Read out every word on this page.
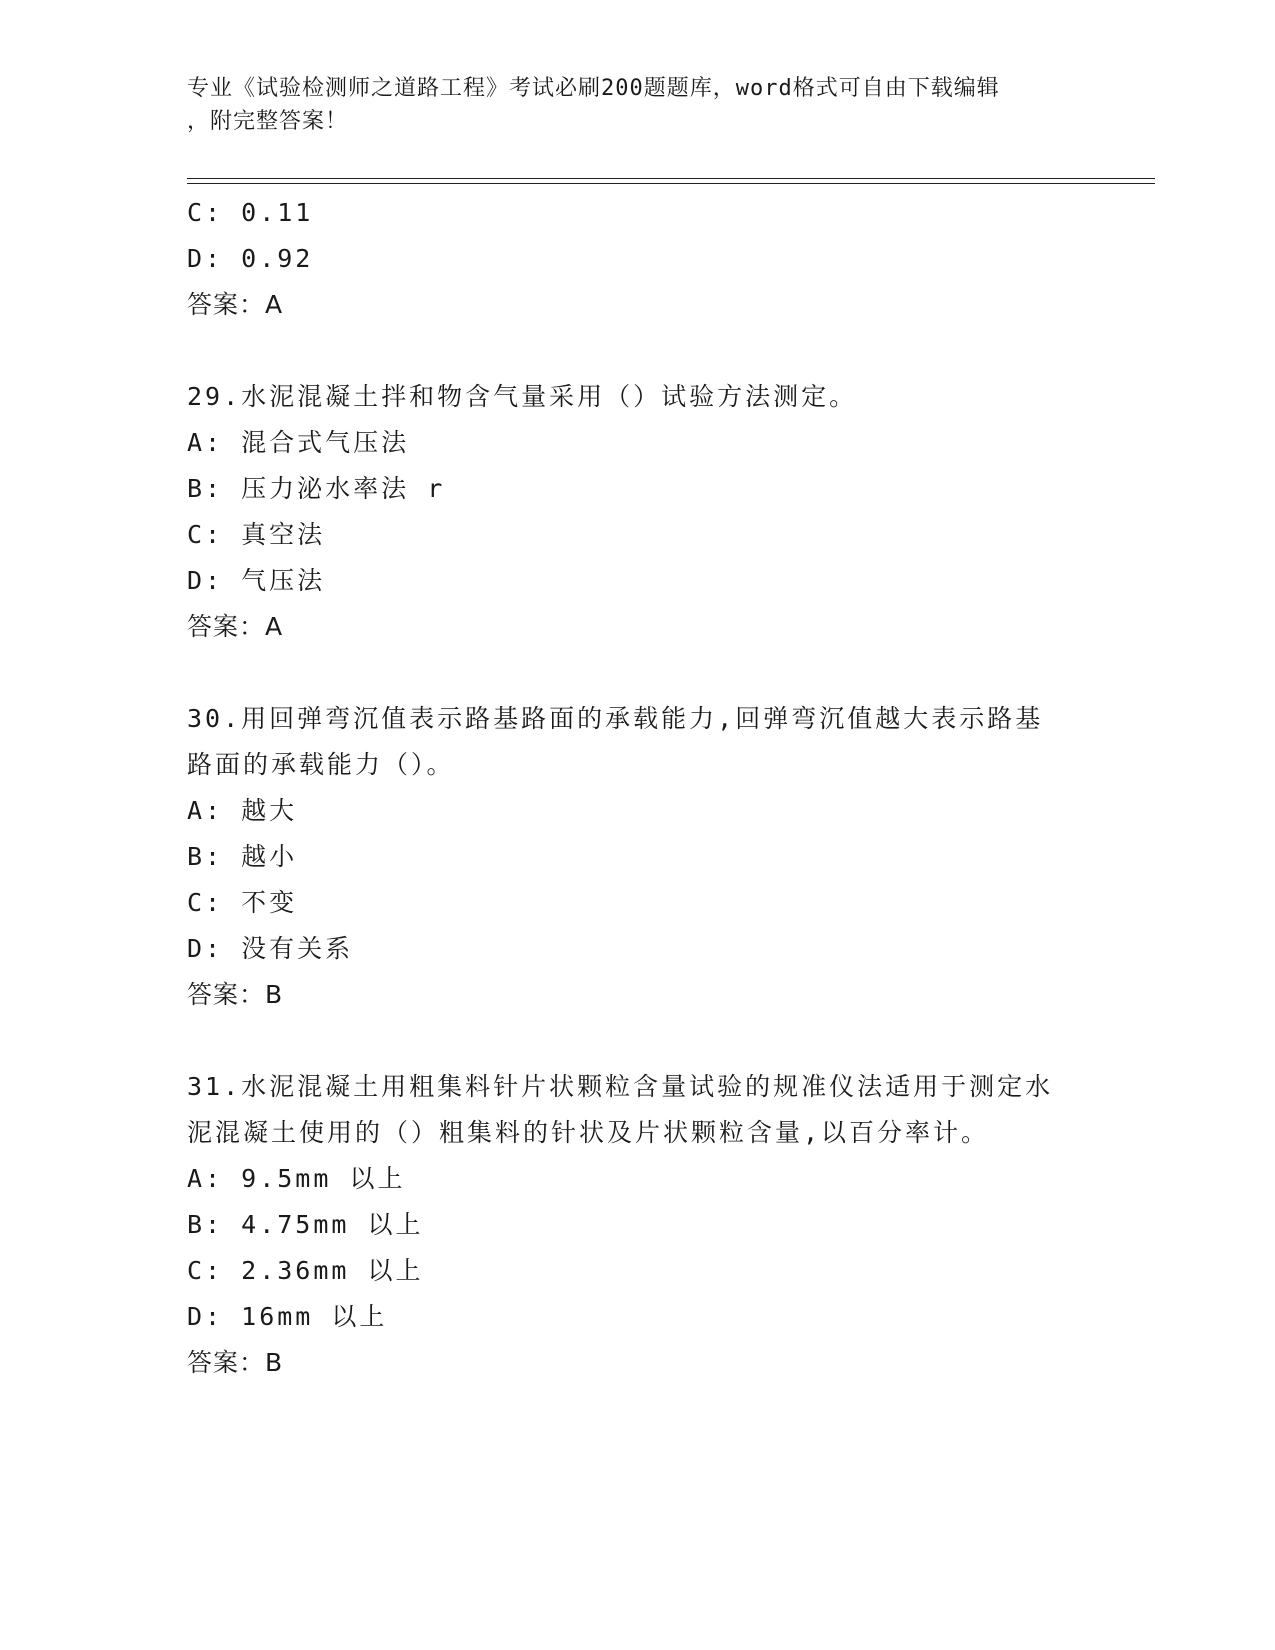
专业《试验检测师之道路工程》考试必刷200题题库，word格式可自由下载编辑
，附完整答案！
C: 0.11
D: 0.92
答案：A
29.水泥混凝土拌和物含气量采用（）试验方法测定。
A: 混合式气压法
B: 压力泌水率法 r
C: 真空法
D: 气压法
答案：A
30.用回弹弯沉值表示路基路面的承载能力,回弹弯沉值越大表示路基
路面的承载能力（）。
A: 越大
B: 越小
C: 不变
D: 没有关系
答案：B
31.水泥混凝土用粗集料针片状颗粒含量试验的规准仪法适用于测定水
泥混凝土使用的（）粗集料的针状及片状颗粒含量,以百分率计。
A: 9.5mm 以上
B: 4.75mm 以上
C: 2.36mm 以上
D: 16mm 以上
答案：B
